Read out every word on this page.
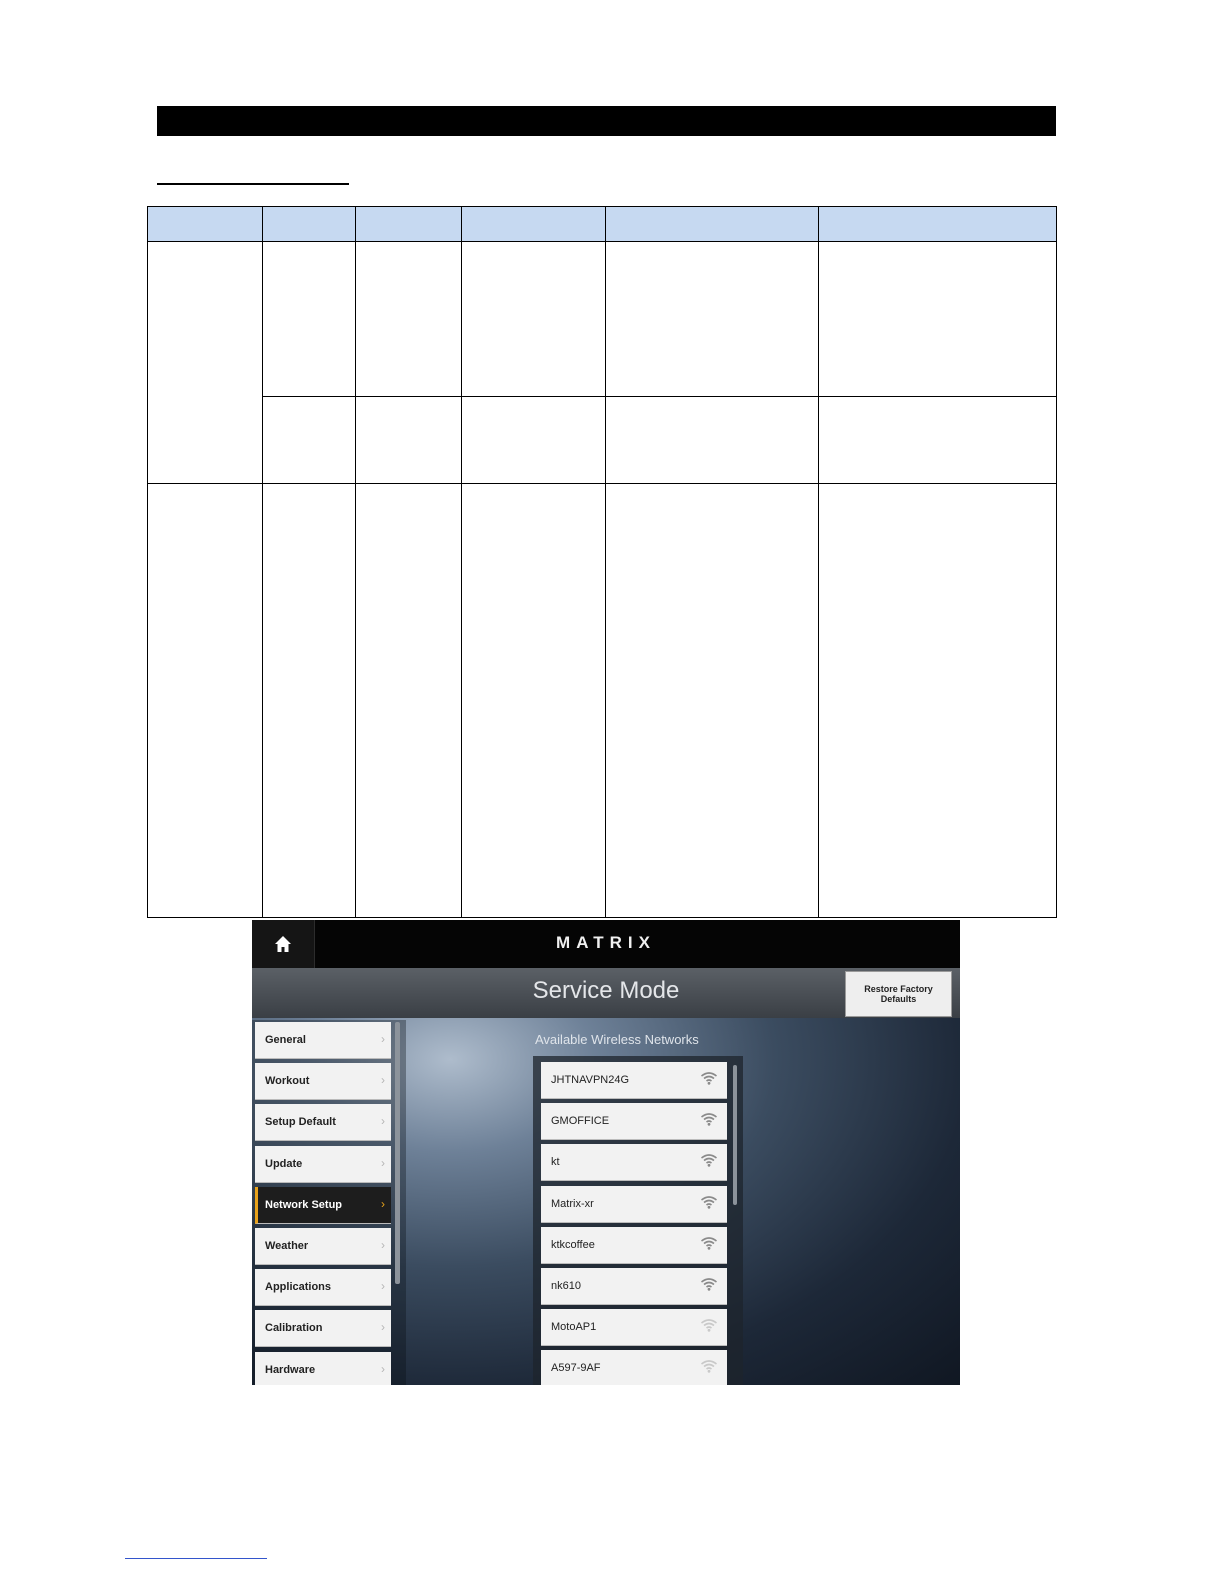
MATRIX
Service Mode	Restore Factory Defaults
General	›
Workout	›
Setup Default	›
Update	›
Network Setup	›
Weather	›
Applications	›
Calibration	›
Hardware	›
Available Wireless Networks
JHTNAVPN24G
GMOFFICE
kt
Matrix-xr
ktkcoffee
nk610
MotoAP1
A597-9AF
